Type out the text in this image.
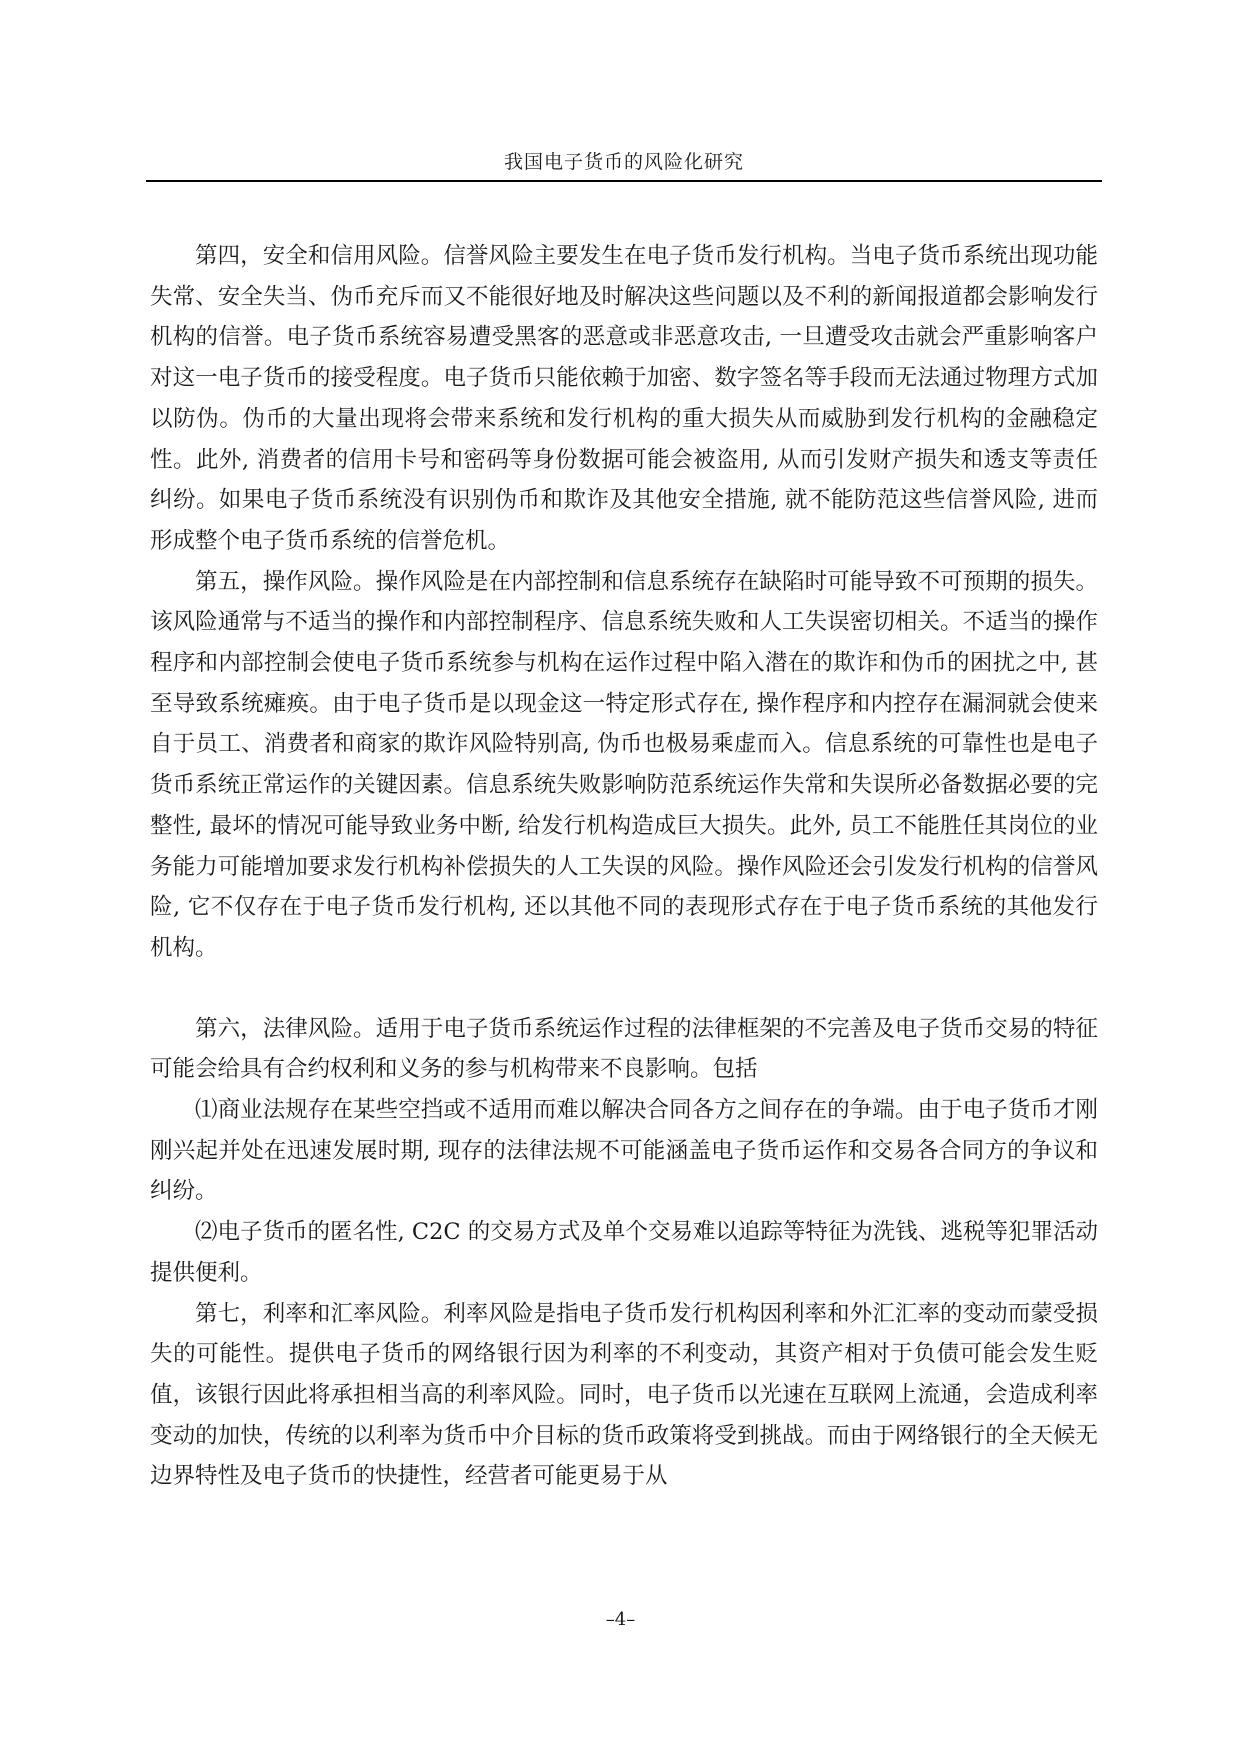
我国电子货币的风险化研究

第四，安全和信用风险。信誉风险主要发生在电子货币发行机构。当电子货币系统出现功能失常、安全失当、伪币充斥而又不能很好地及时解决这些问题以及不利的新闻报道都会影响发行机构的信誉。电子货币系统容易遭受黑客的恶意或非恶意攻击, 一旦遭受攻击就会严重影响客户对这一电子货币的接受程度。电子货币只能依赖于加密、数字签名等手段而无法通过物理方式加以防伪。伪币的大量出现将会带来系统和发行机构的重大损失从而威胁到发行机构的金融稳定性。此外, 消费者的信用卡号和密码等身份数据可能会被盗用, 从而引发财产损失和透支等责任纠纷。如果电子货币系统没有识别伪币和欺诈及其他安全措施, 就不能防范这些信誉风险, 进而形成整个电子货币系统的信誉危机。

第五，操作风险。操作风险是在内部控制和信息系统存在缺陷时可能导致不可预期的损失。该风险通常与不适当的操作和内部控制程序、信息系统失败和人工失误密切相关。不适当的操作程序和内部控制会使电子货币系统参与机构在运作过程中陷入潜在的欺诈和伪币的困扰之中, 甚至导致系统瘫痪。由于电子货币是以现金这一特定形式存在, 操作程序和内控存在漏洞就会使来自于员工、消费者和商家的欺诈风险特别高, 伪币也极易乘虚而入。信息系统的可靠性也是电子货币系统正常运作的关键因素。信息系统失败影响防范系统运作失常和失误所必备数据必要的完整性, 最坏的情况可能导致业务中断, 给发行机构造成巨大损失。此外, 员工不能胜任其岗位的业务能力可能增加要求发行机构补偿损失的人工失误的风险。操作风险还会引发发行机构的信誉风险, 它不仅存在于电子货币发行机构, 还以其他不同的表现形式存在于电子货币系统的其他发行机构。

第六，法律风险。适用于电子货币系统运作过程的法律框架的不完善及电子货币交易的特征可能会给具有合约权利和义务的参与机构带来不良影响。包括

⑴商业法规存在某些空挡或不适用而难以解决合同各方之间存在的争端。由于电子货币才刚刚兴起并处在迅速发展时期, 现存的法律法规不可能涵盖电子货币运作和交易各合同方的争议和纠纷。

⑵电子货币的匿名性, C2C 的交易方式及单个交易难以追踪等特征为洗钱、逃税等犯罪活动提供便利。

第七，利率和汇率风险。利率风险是指电子货币发行机构因利率和外汇汇率的变动而蒙受损失的可能性。提供电子货币的网络银行因为利率的不利变动，其资产相对于负债可能会发生贬值，该银行因此将承担相当高的利率风险。同时，电子货币以光速在互联网上流通，会造成利率变动的加快，传统的以利率为货币中介目标的货币政策将受到挑战。而由于网络银行的全天候无边界特性及电子货币的快捷性，经营者可能更易于从

–4–
